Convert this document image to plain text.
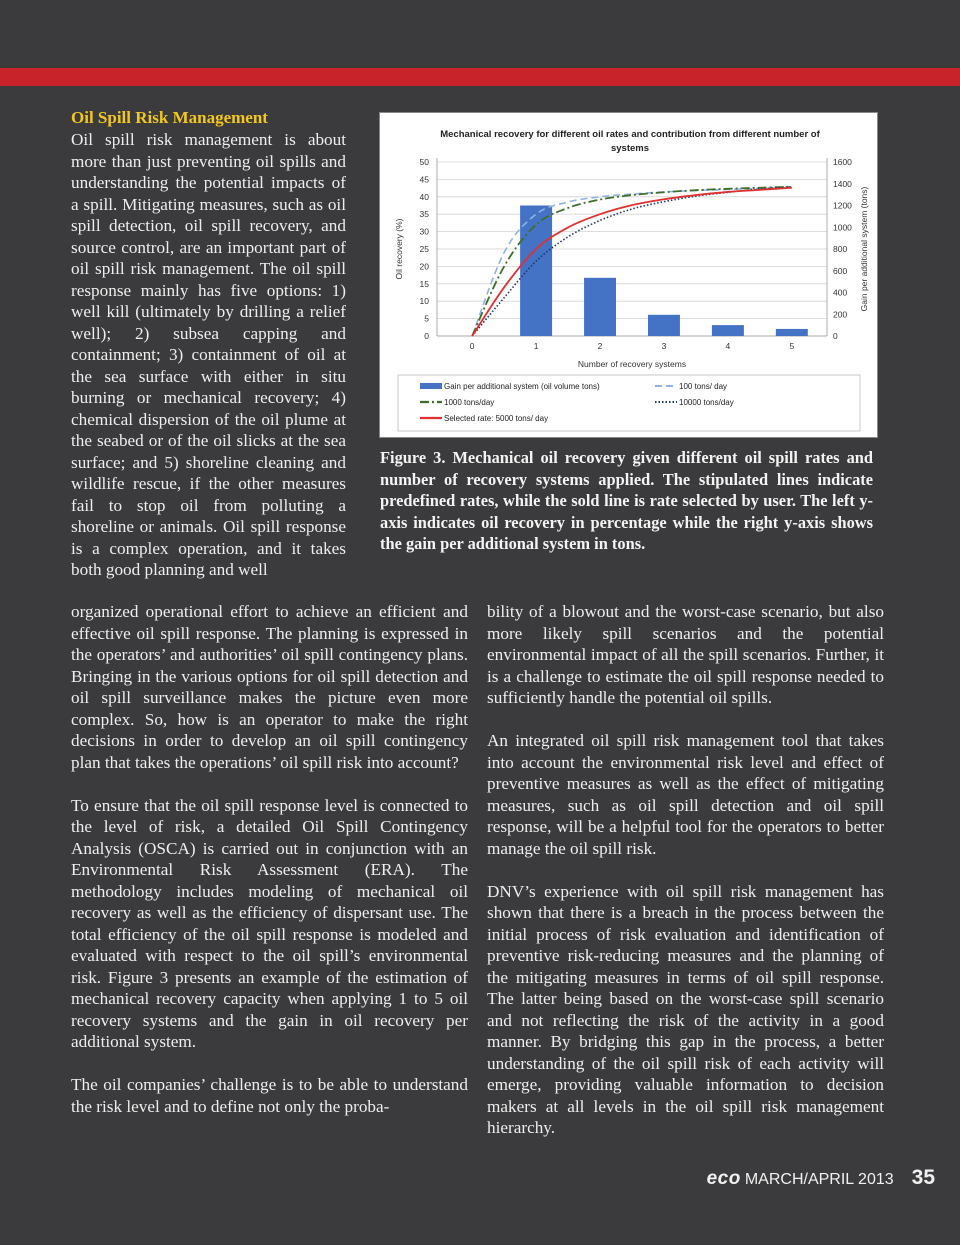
Oil Spill Risk Management

Oil spill risk management is about more than just preventing oil spills and understanding the potential impacts of a spill. Mitigating measures, such as oil spill detection, oil spill recovery, and source control, are an important part of oil spill risk management. The oil spill response mainly has five options: 1) well kill (ultimately by drilling a relief well); 2) subsea capping and containment; 3) containment of oil at the sea surface with either in situ burning or mechanical recovery; 4) chemical dispersion of the oil plume at the seabed or of the oil slicks at the sea surface; and 5) shoreline cleaning and wildlife rescue, if the other measures fail to stop oil from polluting a shoreline or animals. Oil spill response is a complex operation, and it takes both good planning and well

Mechanical recovery for different oil rates and contribution from different number of
systems
0
5
10
15
20
25
30
35
40
45
50
0
200
400
600
800
1000
1200
1400
1600
0	1	2	3	4	5
Number of recovery systems
Oil recovery (%)	Gain per additional system (tons)
Gain per additional system (oil volume tons)	100 tons/ day
1000 tons/day	10000 tons/day
Selected rate: 5000 tons/ day
Figure 3. Mechanical oil recovery given different oil spill rates and number of recovery systems applied. The stipulated lines indicate predefined rates, while the sold line is rate selected by user. The left y-axis indicates oil recovery in percentage while the right y-axis shows the gain per additional system in tons.

organized operational effort to achieve an efficient and effective oil spill response. The planning is expressed in the operators’ and authorities’ oil spill contingency plans. Bringing in the various options for oil spill detection and oil spill surveillance makes the picture even more complex. So, how is an operator to make the right decisions in order to develop an oil spill contingency plan that takes the operations’ oil spill risk into account?

To ensure that the oil spill response level is connected to the level of risk, a detailed Oil Spill Contingency Analysis (OSCA) is carried out in conjunction with an Environmental Risk Assessment (ERA). The methodology includes modeling of mechanical oil recovery as well as the efficiency of dispersant use. The total efficiency of the oil spill response is modeled and evaluated with respect to the oil spill’s environmental risk. Figure 3 presents an example of the estimation of mechanical recovery capacity when applying 1 to 5 oil recovery systems and the gain in oil recovery per additional system.

The oil companies’ challenge is to be able to understand the risk level and to define not only the proba-

bility of a blowout and the worst-case scenario, but also more likely spill scenarios and the potential environmental impact of all the spill scenarios. Further, it is a challenge to estimate the oil spill response needed to sufficiently handle the potential oil spills.

An integrated oil spill risk management tool that takes into account the environmental risk level and effect of preventive measures as well as the effect of mitigating measures, such as oil spill detection and oil spill response, will be a helpful tool for the operators to better manage the oil spill risk.

DNV’s experience with oil spill risk management has shown that there is a breach in the process between the initial process of risk evaluation and identification of preventive risk-reducing measures and the planning of the mitigating measures in terms of oil spill response. The latter being based on the worst-case spill scenario and not reflecting the risk of the activity in a good manner. By bridging this gap in the process, a better understanding of the oil spill risk of each activity will emerge, providing valuable information to decision makers at all levels in the oil spill risk management hierarchy.

eco MARCH/APRIL 2013 35
